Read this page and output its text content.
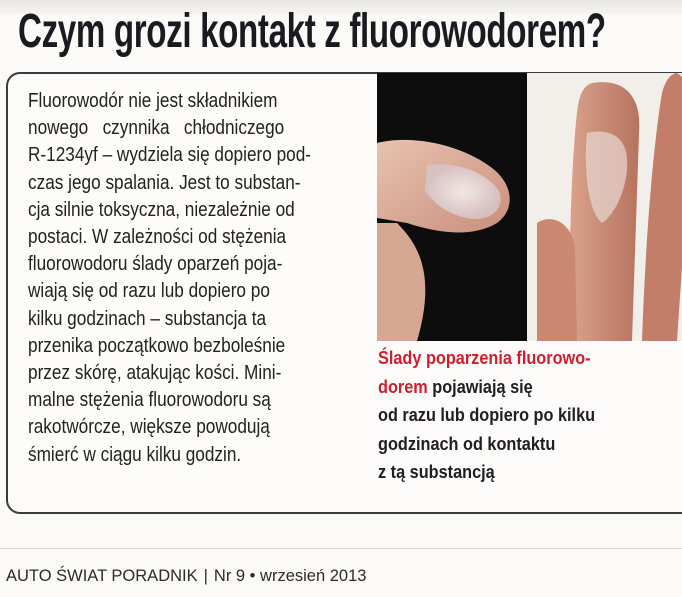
Czym grozi kontakt z fluorowodorem?

Fluorowodór nie jest składnikiem
nowego   czynnika   chłodniczego
R-1234yf – wydziela się dopiero pod-
czas jego spalania. Jest to substan-
cja silnie toksyczna, niezależnie od
postaci. W zależności od stężenia
fluorowodoru ślady oparzeń poja-
wiają się od razu lub dopiero po
kilku godzinach – substancja ta
przenika początkowo bezboleśnie
przez skórę, atakując kości. Mini-
malne stężenia fluorowodoru są
rakotwórcze, większe powodują
śmierć w ciągu kilku godzin.

Ślady poparzenia fluorowo-
dorem pojawiają się
od razu lub dopiero po kilku
godzinach od kontaktu
z tą substancją

AUTO ŚWIAT PORADNIK | Nr 9 • wrzesień 2013
